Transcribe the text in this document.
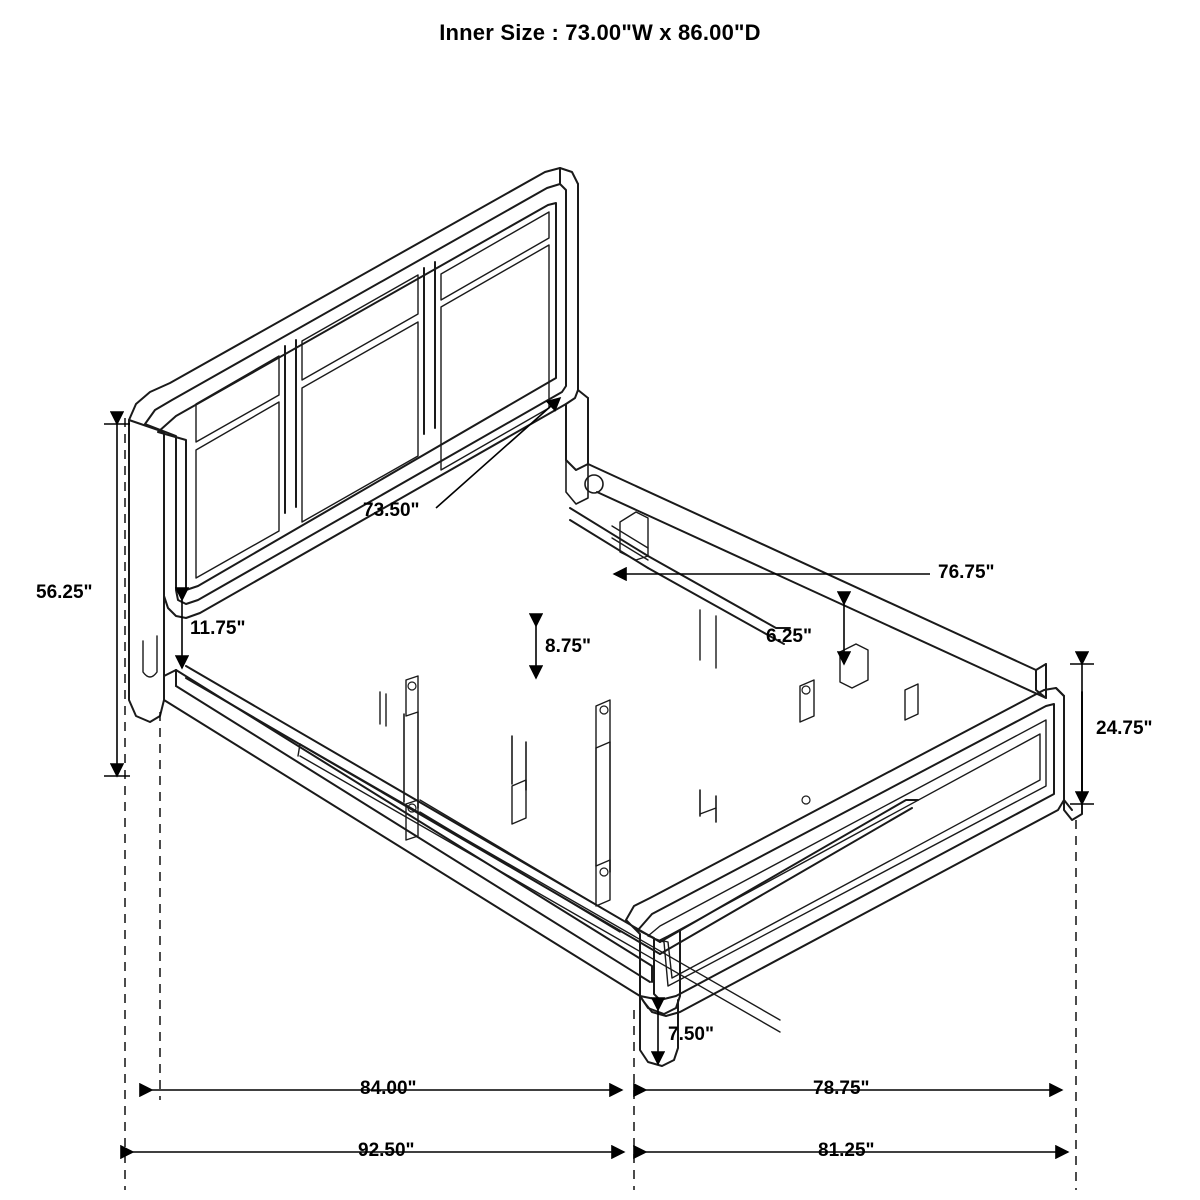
Inner Size : 73.00"W x 86.00"D
56.25"
73.50"
11.75"
8.75"
76.75"
6.25"
24.75"
7.50"
84.00"	78.75"
92.50"	81.25"
